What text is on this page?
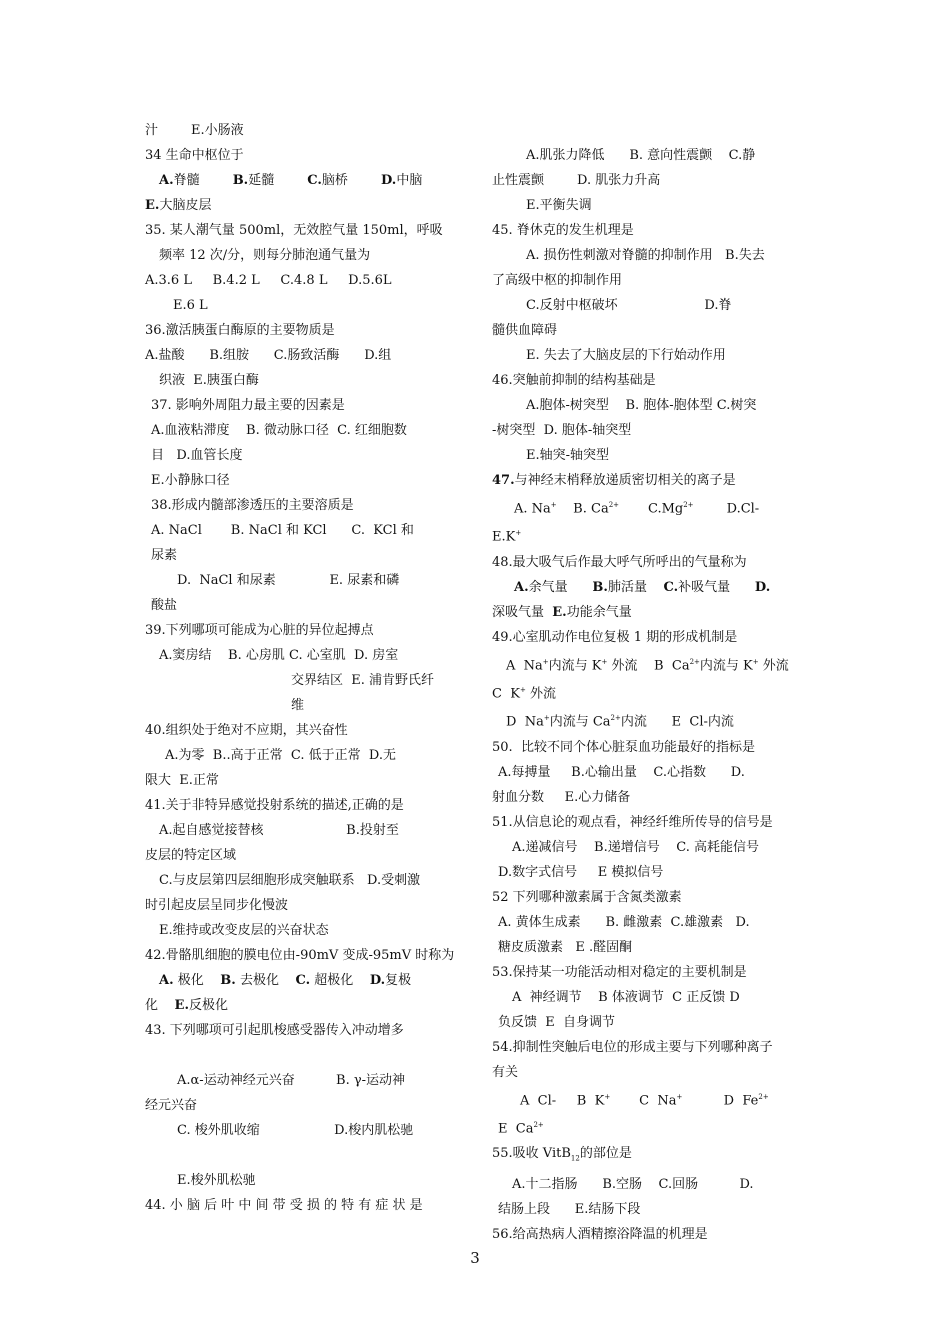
汁        E.小肠液

34 生命中枢位于

A.脊髓        B.延髓        C.脑桥        D.中脑

E.大脑皮层

35. 某人潮气量 500ml，无效腔气量 150ml，呼吸

频率 12 次/分，则每分肺泡通气量为

A.3.6 L     B.4.2 L     C.4.8 L     D.5.6L

E.6 L

36.激活胰蛋白酶原的主要物质是

A.盐酸      B.组胺      C.肠致活酶      D.组

织液  E.胰蛋白酶

37. 影响外周阻力最主要的因素是

A.血液粘滞度    B. 微动脉口径  C. 红细胞数

目   D.血管长度

E.小静脉口径

38.形成内髓部渗透压的主要溶质是

A. NaCl       B. NaCl 和 KCl      C.  KCl 和

尿素

D.  NaCl 和尿素             E. 尿素和磷

酸盐

39.下列哪项可能成为心脏的异位起搏点

A.窦房结    B. 心房肌 C. 心室肌  D. 房室

交界结区  E. 浦肯野氏纤

维

40.组织处于绝对不应期，其兴奋性

A.为零  B..高于正常  C. 低于正常  D.无

限大  E.正常

41.关于非特异感觉投射系统的描述,正确的是

A.起自感觉接替核                    B.投射至

皮层的特定区域

C.与皮层第四层细胞形成突触联系   D.受刺激

时引起皮层呈同步化慢波

E.维持或改变皮层的兴奋状态

42.骨骼肌细胞的膜电位由-90mV 变成-95mV 时称为

A. 极化    B. 去极化    C. 超极化    D.复极

化    E.反极化

43. 下列哪项可引起肌梭感受器传入冲动增多

A.α-运动神经元兴奋          B. γ-运动神

经元兴奋

C. 梭外肌收缩                  D.梭内肌松驰

E.梭外肌松驰

44. 小 脑 后 叶 中 间 带 受 损 的 特 有 症 状 是

A.肌张力降低      B. 意向性震颤    C.静

止性震颤        D. 肌张力升高

E.平衡失调

45. 脊休克的发生机理是

A. 损伤性刺激对脊髓的抑制作用   B.失去

了高级中枢的抑制作用

C.反射中枢破坏                     D.脊

髓供血障碍

E. 失去了大脑皮层的下行始动作用

46.突触前抑制的结构基础是

A.胞体-树突型    B. 胞体-胞体型 C.树突

-树突型  D. 胞体-轴突型

E.轴突-轴突型

47.与神经末梢释放递质密切相关的离子是

A. Na+    B. $Ca^{2+}$       $C.Mg^{2+}$        D.Cl-

E.K+

48.最大吸气后作最大呼气所呼出的气量称为

A.余气量      B.肺活量    C.补吸气量      D.

深吸气量  E.功能余气量

49.心室肌动作电位复极 1 期的形成机制是

A  Na+内流与 K+ 外流    B  $Ca^{2+}$内流与 K+ 外流

C  K+ 外流

D  Na+内流与 $Ca^{2+}$内流      E  Cl-内流

50.  比较不同个体心脏泵血功能最好的指标是

A.每搏量     B.心输出量    C.心指数      D.

射血分数     E.心力储备

51.从信息论的观点看，神经纤维所传导的信号是

A.递减信号    B.递增信号    C. 高耗能信号

D.数字式信号     E 模拟信号

52 下列哪种激素属于含氮类激素

A. 黄体生成素      B. 雌激素  C.雄激素   D.

糖皮质激素   E .醛固酮

53.保持某一功能活动相对稳定的主要机制是

A  神经调节    B 体液调节  C 正反馈 D

负反馈  E  自身调节

54.抑制性突触后电位的形成主要与下列哪种离子

有关

A  Cl-     B  K+       C  Na+          D  $Fe^{2+}$

E  $Ca^{2+}$

55.吸收 VitB$_{12}$的部位是

A.十二指肠      B.空肠    C.回肠          D.

结肠上段      E.结肠下段

56.给高热病人酒精擦浴降温的机理是

3
